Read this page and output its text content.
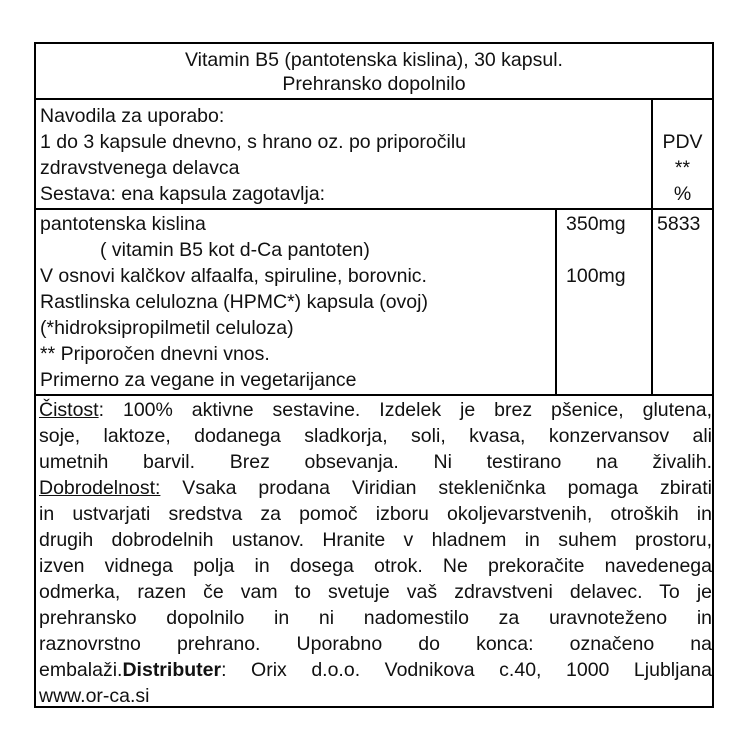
Vitamin B5 (pantotenska kislina), 30 kapsul.
Prehransko dopolnilo
Navodila za uporabo:
1 do 3 kapsule dnevno, s hrano oz. po priporočilu
zdravstvenega delavca
Sestava: ena kapsula zagotavlja:
PDV
**
%
pantotenska kislina
( vitamin B5 kot d-Ca pantoten)
350mg 5833
V osnovi kalčkov alfaalfa, spiruline, borovnic.	100mg
Rastlinska celulozna (HPMC*) kapsula (ovoj)
(*hidroksipropilmetil celuloza)
** Priporočen dnevni vnos.
Primerno za vegane in vegetarijance
Čistost: 100% aktivne sestavine. Izdelek je brez pšenice, glutena,
soje, laktoze, dodanega sladkorja, soli, kvasa, konzervansov ali
umetnih barvil. Brez obsevanja. Ni testirano na živalih.
Dobrodelnost: Vsaka prodana Viridian stekleničnka pomaga zbirati
in ustvarjati sredstva za pomoč izboru okoljevarstvenih, otroških in
drugih dobrodelnih ustanov. Hranite v hladnem in suhem prostoru,
izven vidnega polja in dosega otrok. Ne prekoračite navedenega
odmerka, razen če vam to svetuje vaš zdravstveni delavec. To je
prehransko dopolnilo in ni nadomestilo za uravnoteženo in
raznovrstno prehrano. Uporabno do konca: označeno na
embalaži.Distributer: Orix d.o.o. Vodnikova c.40, 1000 Ljubljana
www.or-ca.si
